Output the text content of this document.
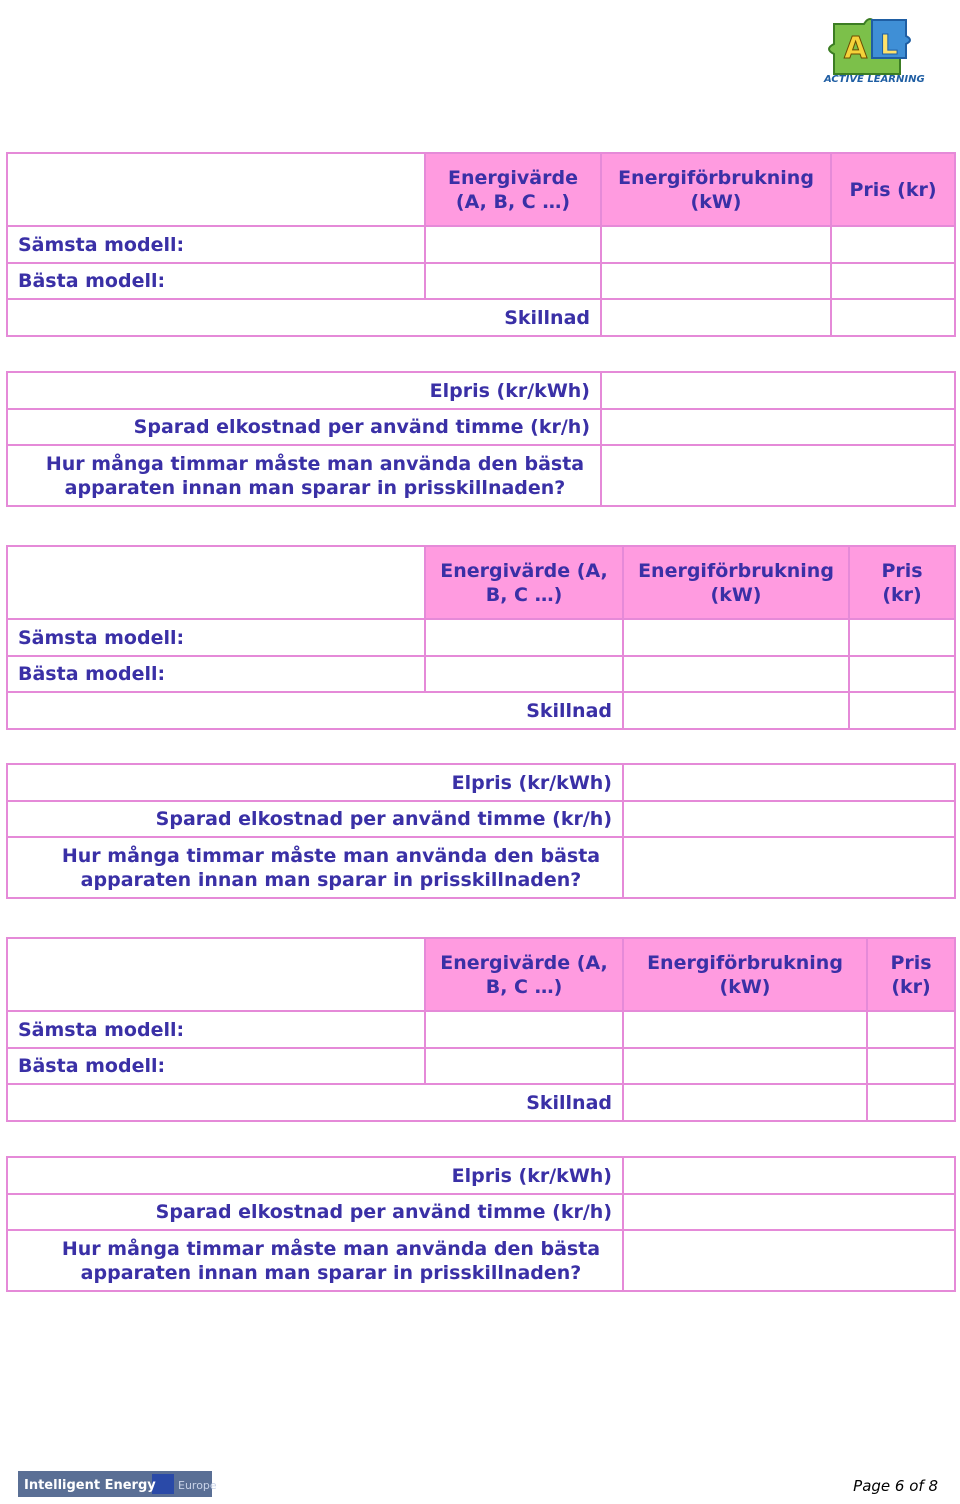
A L
ACTIVE LEARNING
	Energivärde (A, B, C …)	Energiförbrukning (kW)	Pris (kr)
Sämsta modell:			
Bästa modell:			
Skillnad			
Elpris (kr/kWh)	
Sparad elkostnad per använd timme (kr/h)	
Hur många timmar måste man använda den bästa apparaten innan man sparar in prisskillnaden?	
	Energivärde (A, B, C …)	Energiförbrukning (kW)	Pris (kr)
Sämsta modell:			
Bästa modell:			
Skillnad			
Elpris (kr/kWh)	
Sparad elkostnad per använd timme (kr/h)	
Hur många timmar måste man använda den bästa apparaten innan man sparar in prisskillnaden?	
	Energivärde (A, B, C …)	Energiförbrukning (kW)	Pris (kr)
Sämsta modell:			
Bästa modell:			
Skillnad			
Elpris (kr/kWh)	
Sparad elkostnad per använd timme (kr/h)	
Hur många timmar måste man använda den bästa apparaten innan man sparar in prisskillnaden?	
Intelligent Energy Europe	Page 6 of 8
